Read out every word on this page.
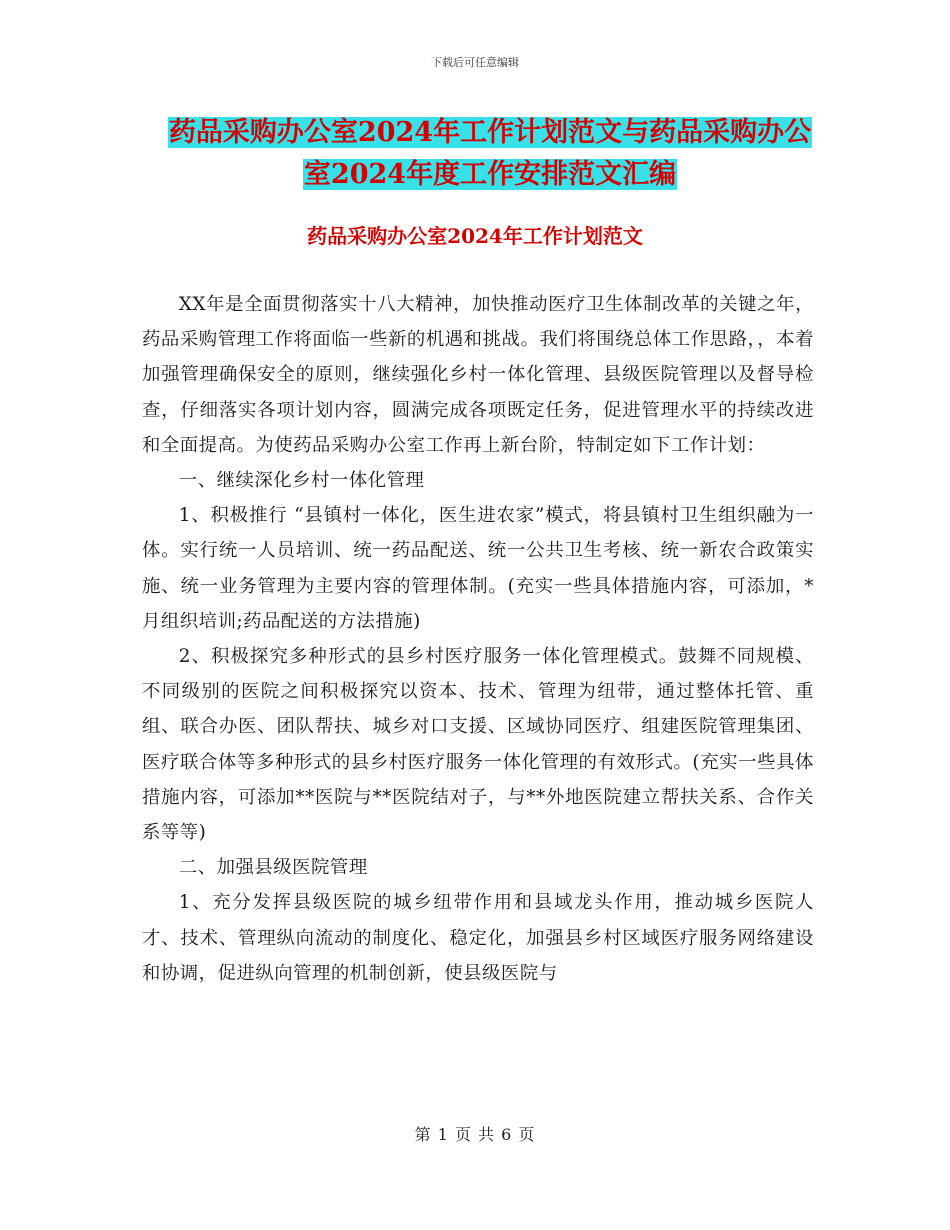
下载后可任意编辑
药品采购办公室2024年工作计划范文与药品采购办公
室2024年度工作安排范文汇编
药品采购办公室2024年工作计划范文

XX年是全面贯彻落实十八大精神，加快推动医疗卫生体制改革的关键之年，药品采购管理工作将面临一些新的机遇和挑战。我们将围绕总体工作思路，，本着加强管理确保安全的原则，继续强化乡村一体化管理、县级医院管理以及督导检查，仔细落实各项计划内容，圆满完成各项既定任务，促进管理水平的持续改进和全面提高。为使药品采购办公室工作再上新台阶，特制定如下工作计划：

一、继续深化乡村一体化管理

1、积极推行 “县镇村一体化，医生进农家”模式，将县镇村卫生组织融为一体。实行统一人员培训、统一药品配送、统一公共卫生考核、统一新农合政策实施、统一业务管理为主要内容的管理体制。(充实一些具体措施内容，可添加，*月组织培训;药品配送的方法措施)

2、积极探究多种形式的县乡村医疗服务一体化管理模式。鼓舞不同规模、不同级别的医院之间积极探究以资本、技术、管理为纽带，通过整体托管、重组、联合办医、团队帮扶、城乡对口支援、区域协同医疗、组建医院管理集团、医疗联合体等多种形式的县乡村医疗服务一体化管理的有效形式。(充实一些具体措施内容，可添加**医院与**医院结对子，与**外地医院建立帮扶关系、合作关系等等)

二、加强县级医院管理

1、充分发挥县级医院的城乡纽带作用和县域龙头作用，推动城乡医院人才、技术、管理纵向流动的制度化、稳定化，加强县乡村区域医疗服务网络建设和协调，促进纵向管理的机制创新，使县级医院与

第 1 页 共 6 页
